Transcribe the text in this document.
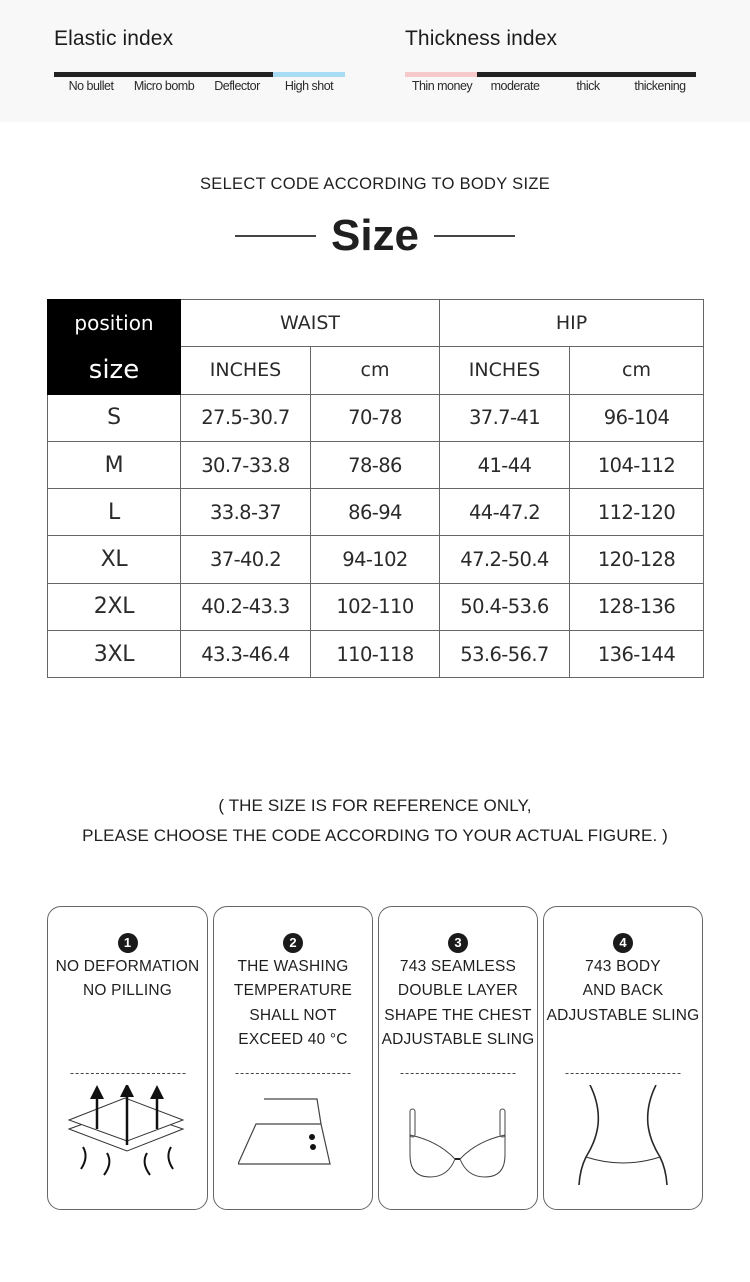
Elastic index
No bullet Micro bomb Deflector High shot
Thickness index
Thin money moderate	thick	thickening
SELECT CODE ACCORDING TO BODY SIZE
Size
position	WAIST		HIP	
size	INCHES	cm	INCHES	cm
S	27.5-30.7	70-78	37.7-41	96-104
M	30.7-33.8	78-86	41-44	104-112
L	33.8-37	86-94	44-47.2	112-120
XL	37-40.2	94-102	47.2-50.4	120-128
2XL	40.2-43.3	102-110	50.4-53.6	128-136
3XL	43.3-46.4	110-118	53.6-56.7	136-144
( THE SIZE IS FOR REFERENCE ONLY,
PLEASE CHOOSE THE CODE ACCORDING TO YOUR ACTUAL FIGURE. )
1
NO DEFORMATION
NO PILLING
2
THE WASHING
TEMPERATURE
SHALL NOT
EXCEED 40 °C
3
743 SEAMLESS
DOUBLE LAYER
SHAPE THE CHEST
ADJUSTABLE SLING
4
743 BODY
AND BACK
ADJUSTABLE SLING
